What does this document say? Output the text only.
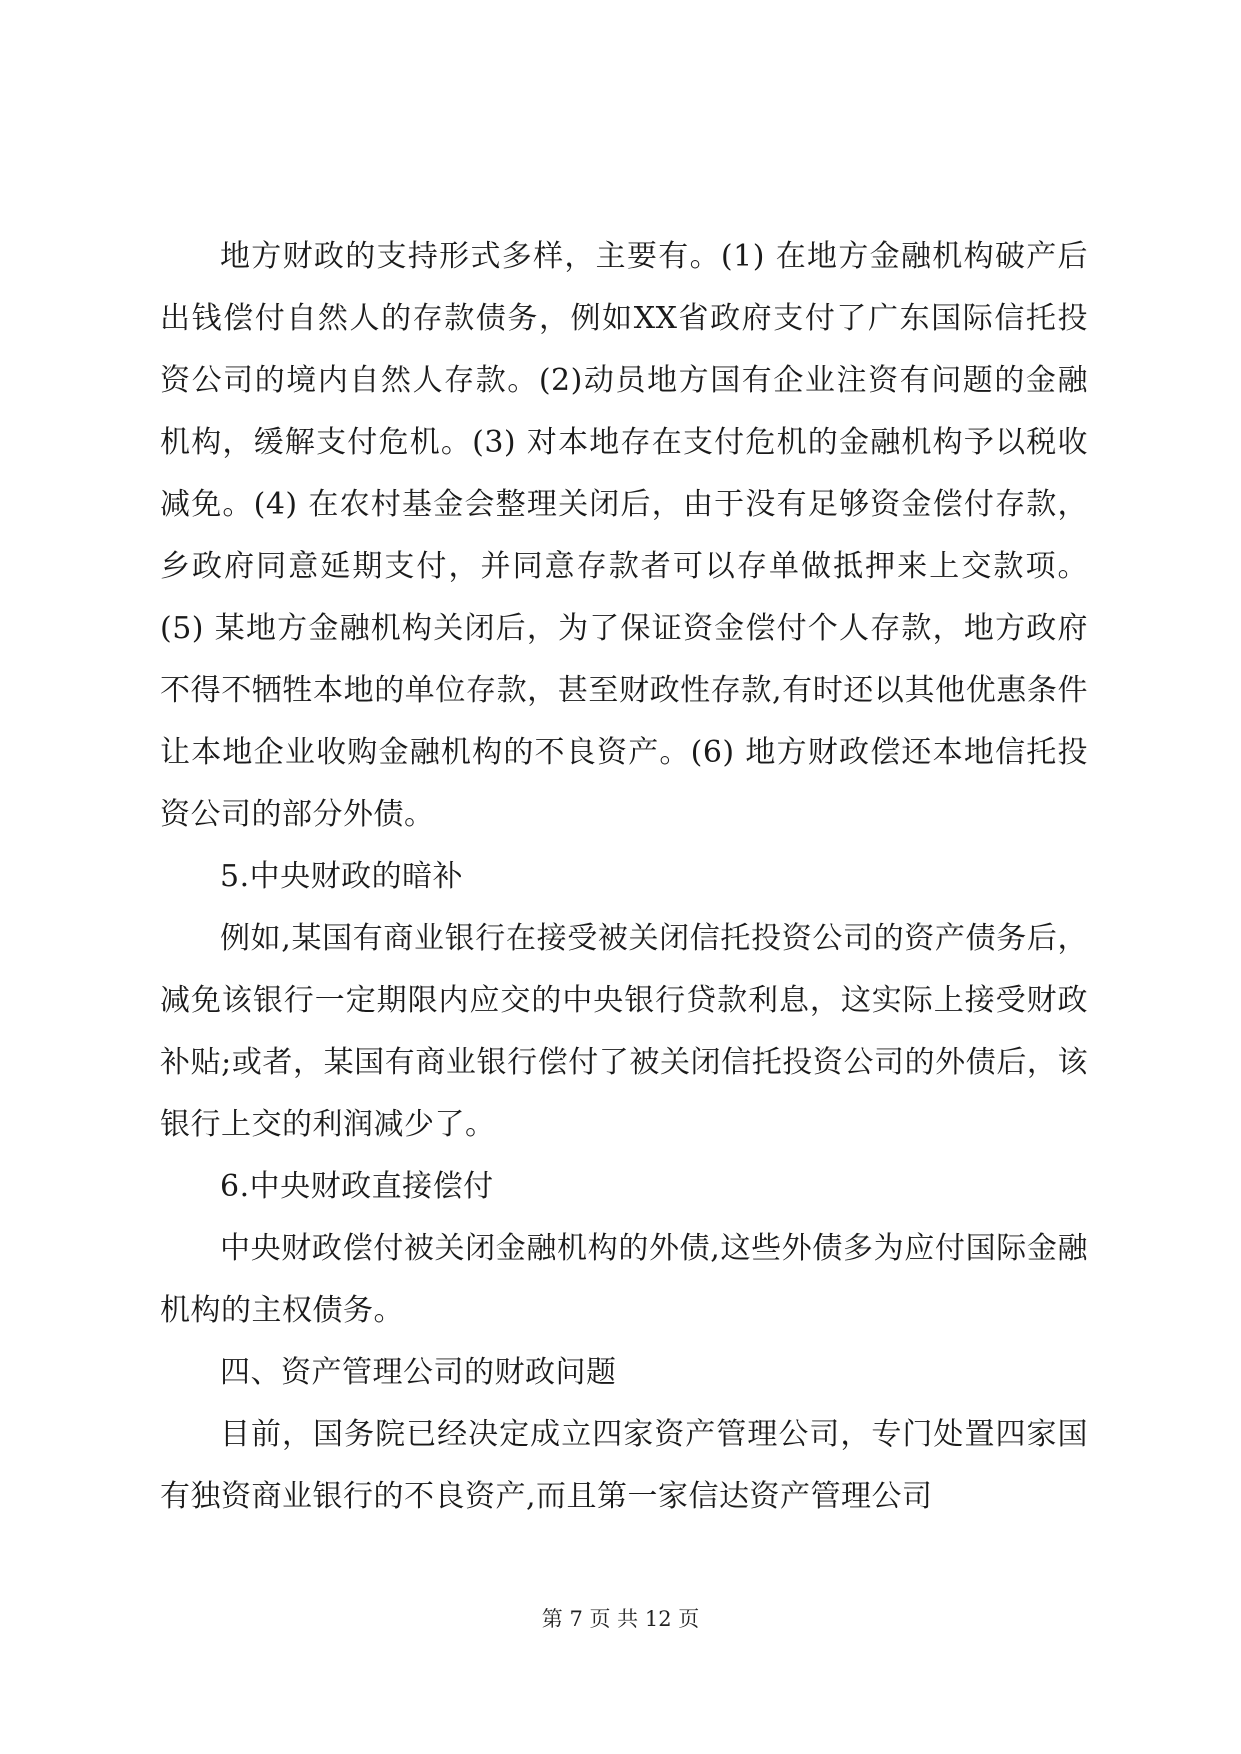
地方财政的支持形式多样，主要有。(1) 在地方金融机构破产后出钱偿付自然人的存款债务，例如XX省政府支付了广东国际信托投资公司的境内自然人存款。(2)动员地方国有企业注资有问题的金融机构，缓解支付危机。(3) 对本地存在支付危机的金融机构予以税收减免。(4) 在农村基金会整理关闭后，由于没有足够资金偿付存款，乡政府同意延期支付，并同意存款者可以存单做抵押来上交款项。(5) 某地方金融机构关闭后，为了保证资金偿付个人存款，地方政府不得不牺牲本地的单位存款，甚至财政性存款,有时还以其他优惠条件让本地企业收购金融机构的不良资产。(6) 地方财政偿还本地信托投资公司的部分外债。

5.中央财政的暗补

例如,某国有商业银行在接受被关闭信托投资公司的资产债务后，减免该银行一定期限内应交的中央银行贷款利息，这实际上接受财政补贴;或者，某国有商业银行偿付了被关闭信托投资公司的外债后，该银行上交的利润减少了。

6.中央财政直接偿付

中央财政偿付被关闭金融机构的外债,这些外债多为应付国际金融机构的主权债务。

四、资产管理公司的财政问题

目前，国务院已经决定成立四家资产管理公司，专门处置四家国有独资商业银行的不良资产,而且第一家信达资产管理公司

第 7 页 共 12 页
